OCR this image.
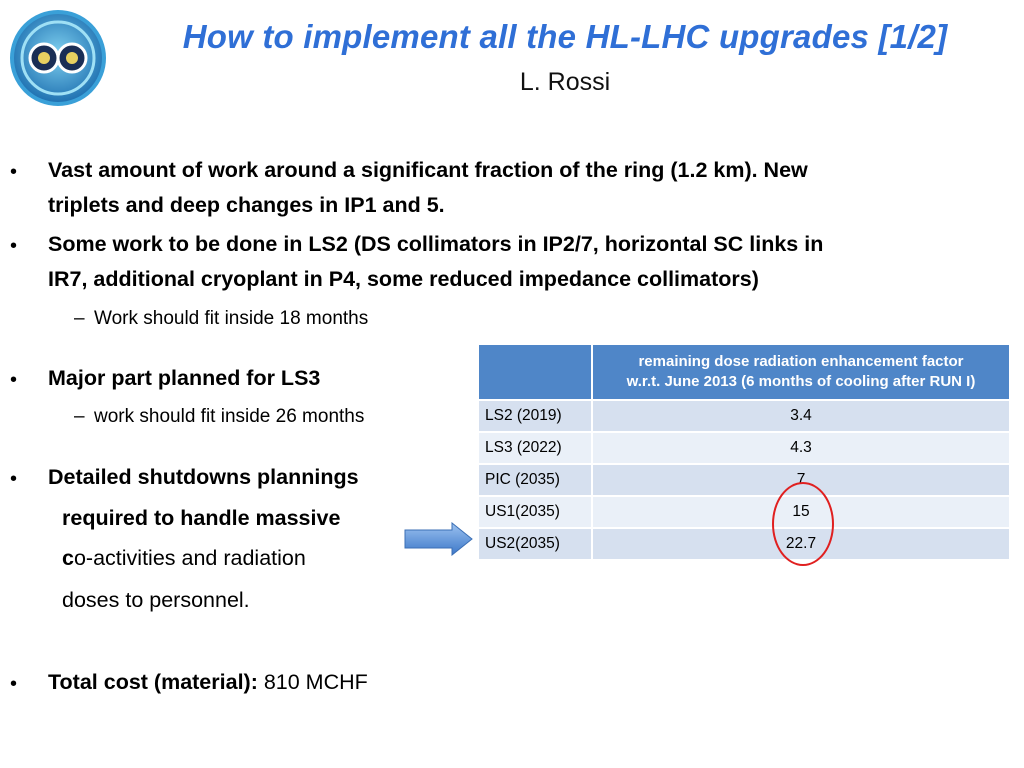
How to implement all the HL-LHC upgrades [1/2]
L. Rossi
• Vast amount of work around a significant fraction of the ring (1.2 km). New
triplets and deep changes in IP1 and 5.
• Some work to be done in LS2 (DS collimators in IP2/7, horizontal SC links in
IR7, additional cryoplant in P4, some reduced impedance collimators)
– Work should fit inside 18 months
• Major part planned for LS3
– work should fit inside 26 months
• Detailed shutdowns plannings
required to handle massive
co-activities and radiation
doses to personnel.
• Total cost (material): 810 MCHF

	remaining dose radiation enhancement factor
w.r.t. June 2013 (6 months of cooling after RUN I)

LS2 (2019)	3.4
LS3 (2022)	4.3
PIC (2035)	7
US1(2035)	15
US2(2035)	22.7
